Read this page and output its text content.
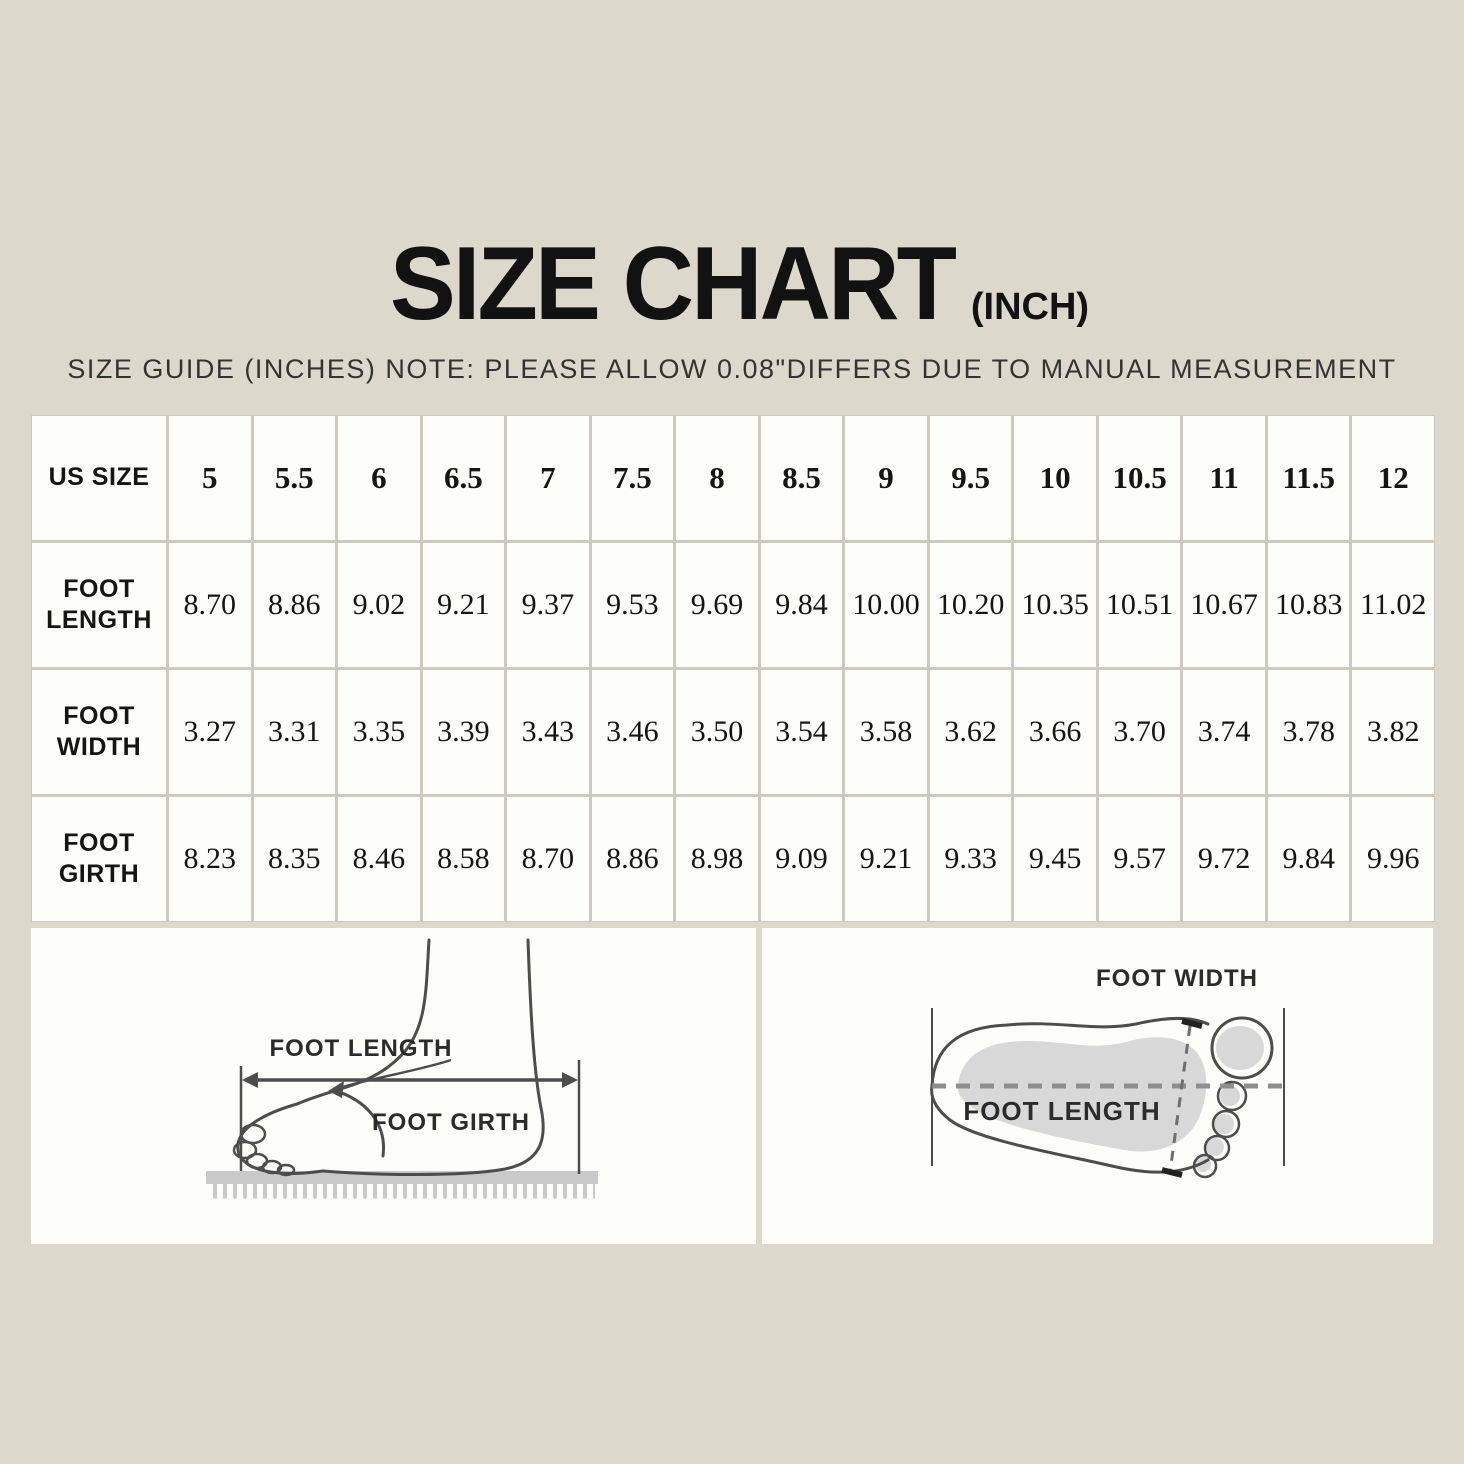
SIZE CHART (INCH)
SIZE GUIDE (INCHES) NOTE: PLEASE ALLOW 0.08"DIFFERS DUE TO MANUAL MEASUREMENT
US SIZE	5	5.5	6	6.5	7	7.5	8	8.5	9	9.5	10	10.5	11	11.5	12
FOOT LENGTH	8.70	8.86	9.02	9.21	9.37	9.53	9.69	9.84 10.00 10.20 10.35 10.51 10.67 10.83 11.02
FOOT WIDTH	3.27	3.31	3.35	3.39	3.43	3.46	3.50	3.54	3.58	3.62	3.66	3.70	3.74	3.78	3.82
FOOT GIRTH	8.23	8.35	8.46	8.58	8.70	8.86	8.98	9.09	9.21	9.33	9.45	9.57	9.72	9.84	9.96
FOOT LENGTH
FOOT GIRTH
FOOT WIDTH
FOOT LENGTH
